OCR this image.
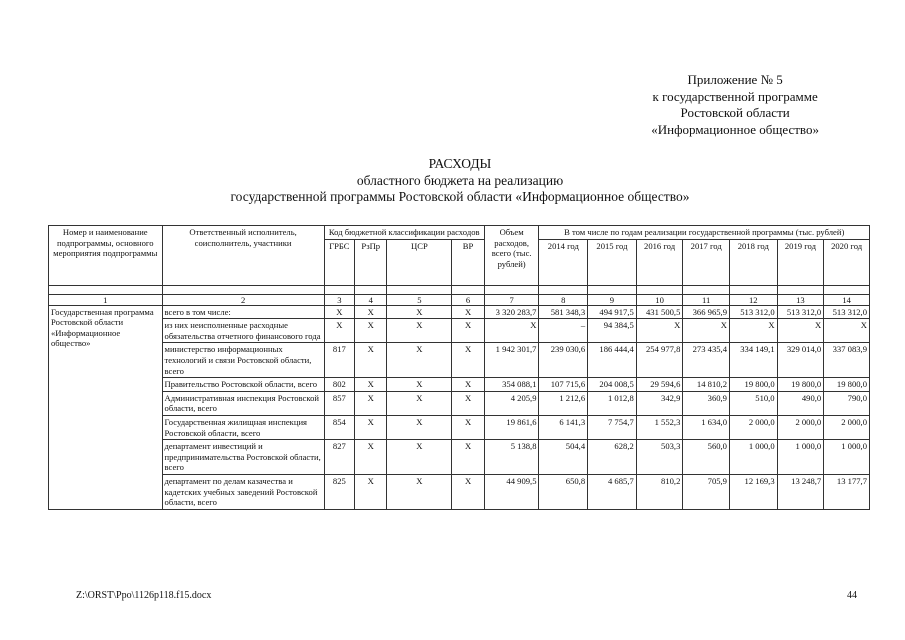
Приложение № 5
к государственной программе
Ростовской области
«Информационное общество»
РАСХОДЫ
областного бюджета на реализацию
государственной программы Ростовской области «Информационное общество»
Номер и наименование подпрограммы, основного мероприятия подпрограммы	Ответственный исполнитель, соисполнитель, участники	Код бюджетной классификации расходов				Объем расходов, всего (тыс. рублей)	В том числе по годам реализации государственной программы (тыс. рублей)						
		ГРБС	РзПр	ЦСР	ВР		2014 год	2015 год	2016 год	2017 год	2018 год	2019 год	2020 год

1	2	3	4	5	6	7	8	9	10	11	12	13	14
Государственная программа Ростовской области «Информационное общество»	всего в том числе:	Х	Х	Х	Х	3 320 283,7	581 348,3	494 917,5	431 500,5	366 965,9	513 312,0	513 312,0	513 312,0
	из них неисполненные расходные обязательства отчетного финансового года	Х	Х	Х	Х	Х	–	94 384,5	Х	Х	Х	Х	Х
	министерство информационных технологий и связи Ростовской области, всего	817	Х	Х	Х	1 942 301,7	239 030,6	186 444,4	254 977,8	273 435,4	334 149,1	329 014,0	337 083,9
	Правительство Ростовской области, всего	802	Х	Х	Х	354 088,1	107 715,6	204 008,5	29 594,6	14 810,2	19 800,0	19 800,0	19 800,0
	Административная инспекция Ростовской области, всего	857	Х	Х	Х	4 205,9	1 212,6	1 012,8	342,9	360,9	510,0	490,0	790,0
	Государственная жилищная инспекция Ростовской области, всего	854	Х	Х	Х	19 861,6	6 141,3	7 754,7	1 552,3	1 634,0	2 000,0	2 000,0	2 000,0
	департамент инвестиций и предпринимательства Ростовской области, всего	827	Х	Х	Х	5 138,8	504,4	628,2	503,3	560,0	1 000,0	1 000,0	1 000,0
	департамент по делам казачества и кадетских учебных заведений Ростовской области, всего	825	Х	Х	Х	44 909,5	650,8	4 685,7	810,2	705,9	12 169,3	13 248,7	13 177,7
Z:\ORST\Ppo\1126p118.f15.docx	44
